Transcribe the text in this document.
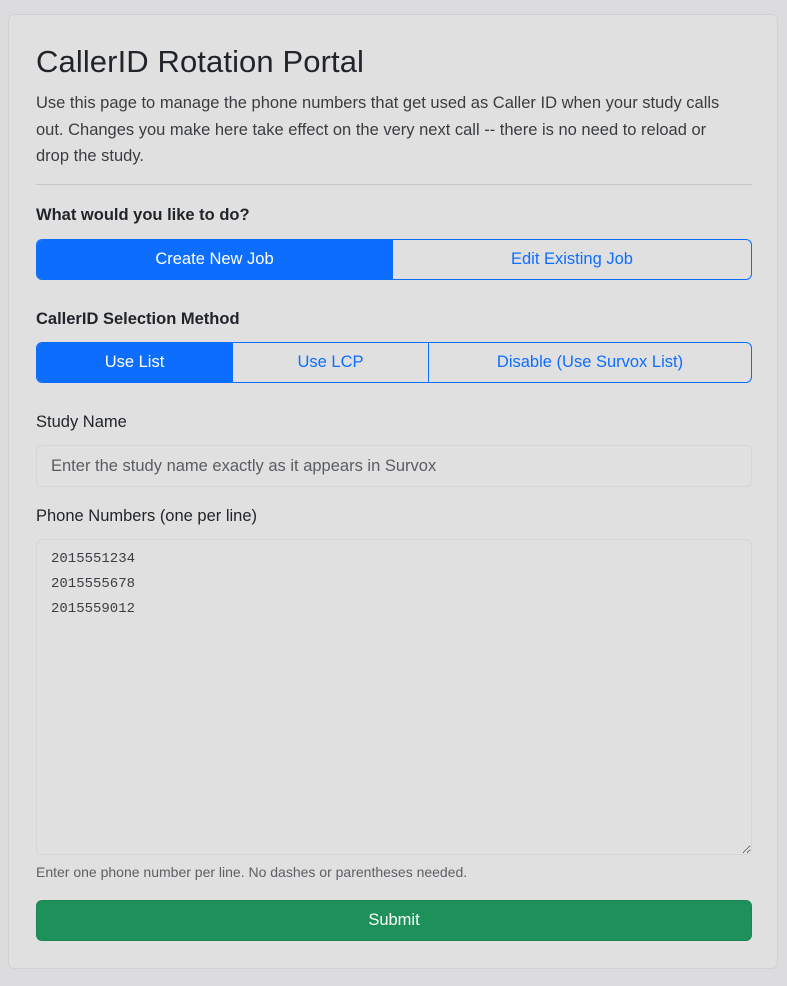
CallerID Rotation Portal

Use this page to manage the phone numbers that get used as Caller ID when your study calls out. Changes you make here take effect on the very next call -- there is no need to reload or drop the study.

What would you like to do?
Create New Job	Edit Existing Job
CallerID Selection Method
Use List	Use LCP	Disable (Use Survox List)
Study Name
Enter the study name exactly as it appears in Survox
Phone Numbers (one per line)
2015551234 2015555678 2015559012

Enter one phone number per line. No dashes or parentheses needed.

Submit
